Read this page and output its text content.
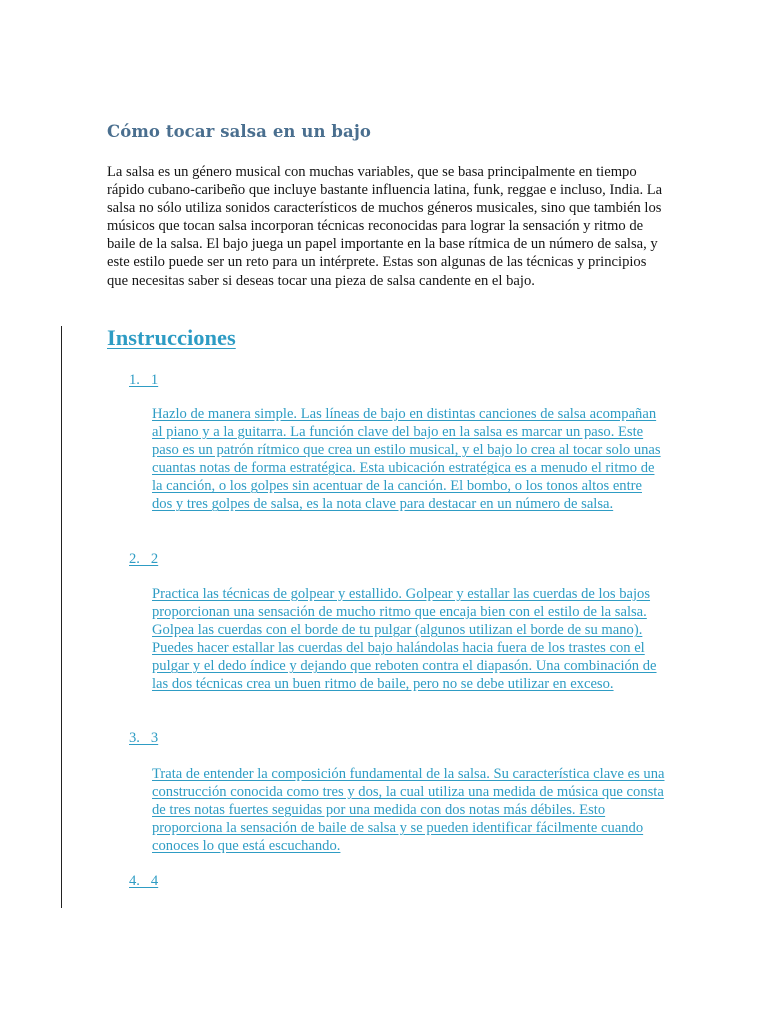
Cómo tocar salsa en un bajo

La salsa es un género musical con muchas variables, que se basa principalmente en tiempo rápido cubano-caribeño que incluye bastante influencia latina, funk, reggae e incluso, India. La salsa no sólo utiliza sonidos característicos de muchos géneros musicales, sino que también los músicos que tocan salsa incorporan técnicas reconocidas para lograr la sensación y ritmo de baile de la salsa. El bajo juega un papel importante en la base rítmica de un número de salsa, y este estilo puede ser un reto para un intérprete. Estas son algunas de las técnicas y principios que necesitas saber si deseas tocar una pieza de salsa candente en el bajo.

Instrucciones

1.   1

Hazlo de manera simple. Las líneas de bajo en distintas canciones de salsa acompañan al piano y a la guitarra. La función clave del bajo en la salsa es marcar un paso. Este paso es un patrón rítmico que crea un estilo musical, y el bajo lo crea al tocar solo unas cuantas notas de forma estratégica. Esta ubicación estratégica es a menudo el ritmo de la canción, o los golpes sin acentuar de la canción. El bombo, o los tonos altos entre dos y tres golpes de salsa, es la nota clave para destacar en un número de salsa.

2.   2

Practica las técnicas de golpear y estallido. Golpear y estallar las cuerdas de los bajos proporcionan una sensación de mucho ritmo que encaja bien con el estilo de la salsa. Golpea las cuerdas con el borde de tu pulgar (algunos utilizan el borde de su mano). Puedes hacer estallar las cuerdas del bajo halándolas hacia fuera de los trastes con el pulgar y el dedo índice y dejando que reboten contra el diapasón. Una combinación de las dos técnicas crea un buen ritmo de baile, pero no se debe utilizar en exceso.

3.   3

Trata de entender la composición fundamental de la salsa. Su característica clave es una construcción conocida como tres y dos, la cual utiliza una medida de música que consta de tres notas fuertes seguidas por una medida con dos notas más débiles. Esto proporciona la sensación de baile de salsa y se pueden identificar fácilmente cuando conoces lo que está escuchando.

4.   4
